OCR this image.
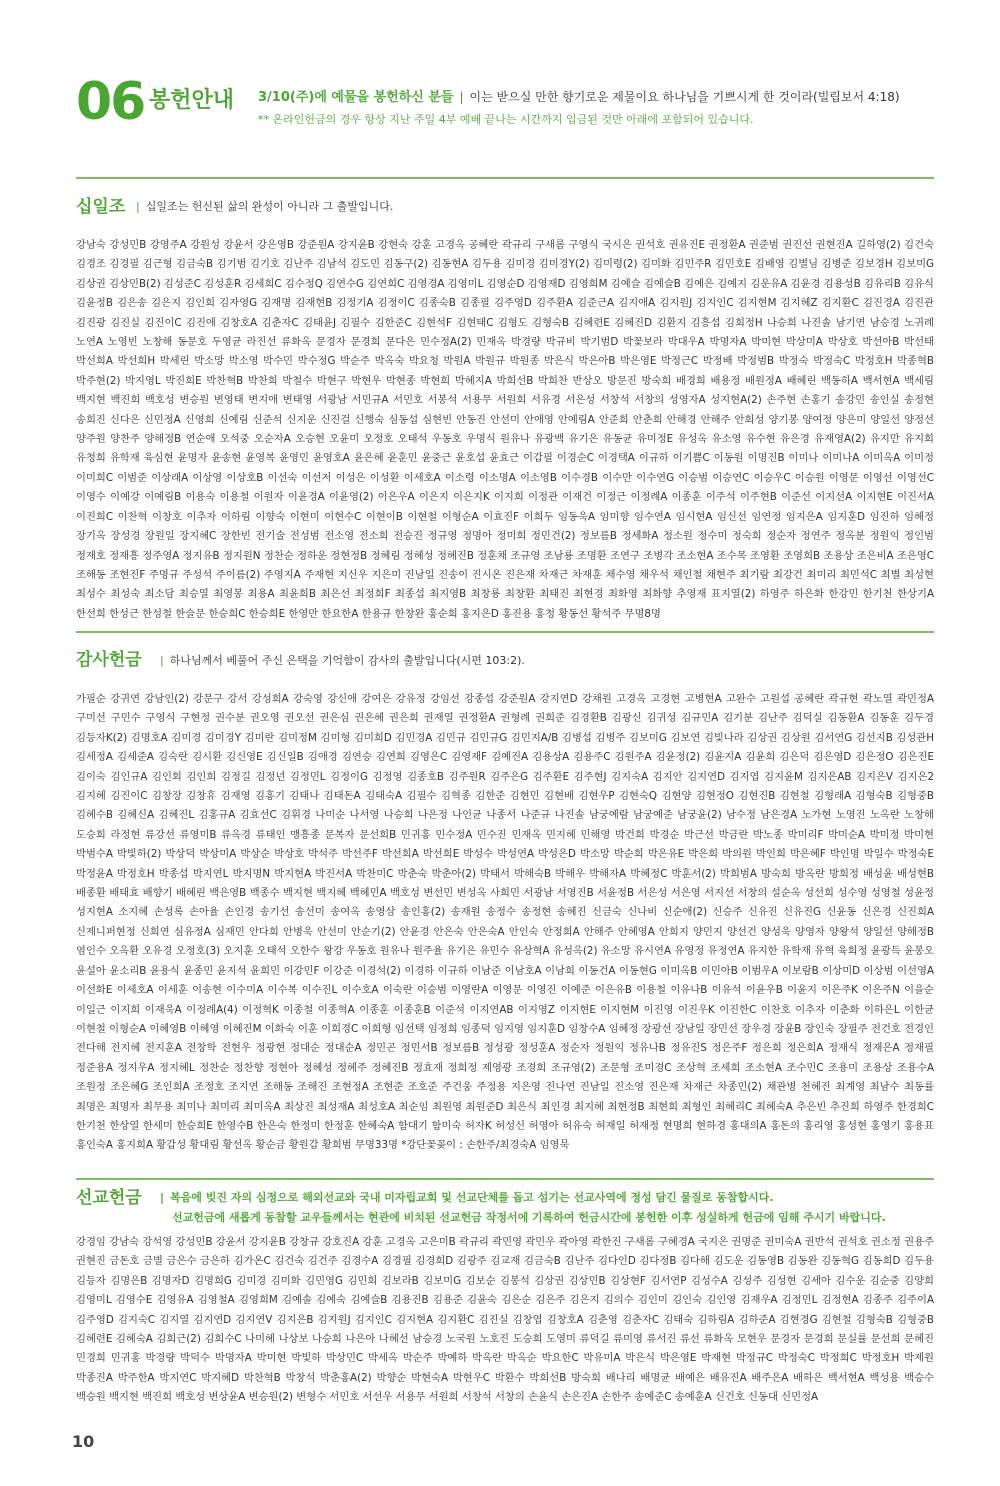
06 봉헌안내 3/10(주)에 예물을 봉헌하신 분들 | 이는 받으실 만한 향기로운 제물이요 하나님을 기쁘시게 한 것이라(빌립보서 4:18)
** 온라인헌금의 경우 항상 지난 주일 4부 예배 끝나는 시간까지 입금된 것만 아래에 포함되어 있습니다.
십일조 | 십일조는 헌신된 삶의 완성이 아니라 그 출발입니다.
강남숙 강성민B 강영주A 강원성 강윤서 강은영B 강준원A 강지윤B 강현숙 강훈 고경옥 공혜란 곽규리 구새롬 구영식 국시은 권석호 권유진E 권정환A 권준범 권진선 권현진A 길하영(2) 김건숙 김경조 김경필 김근형 김금숙B 김기범 김기호 김난주 김남석 김도민 김동구(2) 김동현A 김두용 김미경 김미경Y(2) 김미령(2) 김미화 김민주R 김민호E 김배영 김별님 김병준 김보경H 김보미G 김상권 김상민B(2) 김성준C 김성훈R 김세희C 김수정Q 김연수G 김연희C 김영경A 김영미L 김영순D 김영재D 김영희M 김예슬 김예슬B 김예은 김예지 김운유A 김윤경 김용성B 김유리B 김유식 김윤정B 김은송 김은지 김인희 김자영G 김재명 김재현B 김정기A 김정이C 김종숙B 김종필 김주영D 김주환A 김준근A 김지애A 김지원J 김지인C 김지현M 김지혜Z 김지환C 김진경A 김진관 김진광 김진실 김진이C 김진애 김창호A 김춘자C 김태윤J 김필수 김한준C 김현석F 김현태C 김형도 김형숙B 김혜련E 김혜진D 김환지 김흥섭 김희정H 나승희 나진솔 남기연 남승경 노귀례 노연A 노영빈 노창해 동문호 두영균 라진선 류화옥 문경자 문경희 문다은 민수정A(2) 민재옥 박경량 박규비 박기범D 박꽃보라 박대우A 박명자A 박미현 박상미A 박상호 박선아B 박선태 박선희A 박선희H 박세린 박소망 박소영 박수민 박수정G 박순주 박옥숙 박요청 박원A 박원규 박원종 박은식 박은아B 박은영E 박정근C 박정배 박정범B 박정숙 박정숙C 박정호H 박종혁B 박주현(2) 박지영L 박진희E 박찬혁B 박찬희 박철수 박현구 박현우 박현종 박현희 박혜지A 박희선B 박희찬 반상오 방문진 방숙희 배경희 배용정 배원정A 배혜린 백동하A 백서현A 백세림 백지현 백진희 백호성 변승원 변영태 변지애 변태영 서광남 서민규A 서민호 서봉석 서용무 서원희 서유경 서은성 서창석 서창의 성영자A 성지현A(2) 손주현 손홍기 송강민 송인실 송정현 송희진 신다은 신민정A 신영희 신예림 신준석 신지운 신진걸 신행숙 심동섭 심현빈 안동진 안선미 안애영 안예림A 안준희 안춘희 안해경 안해주 안희성 양기봉 양여정 양은미 양일선 양정선 양주원 양찬주 양해정B 연순애 오석중 오순자A 오승현 오윤미 오정호 오태석 우동호 우명식 원유나 유광백 유기은 유동균 유미정E 유성옥 유소영 유수현 유은경 유재영A(2) 유지만 유지희 유청희 유학재 육심현 윤명자 윤송현 윤영복 윤영민 윤영호A 윤은혜 윤훈민 윤중근 윤호섭 윤효근 이갑필 이경순C 이경택A 이규하 이기쁨C 이동원 이명진B 이미나 이미나A 이미옥A 이미정 이미희C 이범준 이상래A 이상영 이상호B 이선숙 이선저 이성은 이성환 이세호A 이소령 이소명A 이소영B 이수경B 이수만 이수연G 이승범 이승연C 이승우C 이승원 이영문 이영선 이영선C 이영수 이예강 이예림B 이용숙 이용철 이원자 이윤경A 이윤영(2) 이은우A 이은지 이은지K 이지희 이정관 이재건 이정근 이정례A 이종훈 이주석 이주현B 이준선 이지선A 이지현E 이진서A 이진희C 이찬혁 이창호 이추자 이하림 이향숙 이현미 이현수C 이현이B 이현철 이형순A 이효진F 이희두 임동욱A 임미향 임수연A 임시현A 임신선 임연정 임지은A 임지훈D 임진하 임혜정 장기옥 장성경 장원일 장지혜C 장한빈 전기술 전성범 전소영 전소희 전승진 정규영 정명아 정미희 정민건(2) 정보름B 정세화A 정소원 정수미 정숙희 정순자 정연주 정옥분 정원익 정인범 정재호 정재흥 정주영A 정지유B 정지원N 정찬순 정하운 정현정B 정혜림 정혜성 정혜진B 정훈채 조규영 조남룡 조명환 조연구 조병각 조소현A 조수목 조영환 조영희B 조용상 조은비A 조은영C 조해동 조현진F 주명규 주성석 주이름(2) 주영지A 주재현 지신우 지은미 진남일 진송이 진시온 진은재 차재근 차재훈 채수영 채우석 채인철 채현주 최기람 최강건 최미리 최민석C 최별 최성현 최성수 최성숙 최소담 최승열 최영봉 최용A 최윤희B 최은선 최정희F 최종섭 최지영B 최창룡 최창환 최태진 최현경 최화영 최화향 추영재 표지열(2) 하영주 하은화 한강민 한기천 한상기A 한선희 한성근 한성철 한슬문 한승희C 한승희E 한영만 한요한A 한용규 한창완 홍순희 홍지은D 홍진용 홍청 황동선 황석주 무명8명
감사헌금 | 하나님께서 베풀어 주신 은택을 기억함이 감사의 출발입니다(시편 103:2).
가필순 강귀연 강남인(2) 강문구 강서 강성희A 강숙영 강신애 강여은 강유정 강임선 강종섭 강준원A 강지연D 강채원 고경옥 고경현 고병현A 고완수 고원섭 공혜란 곽규현 곽노열 곽민정A 구미선 구민수 구영식 구현정 권수분 권오영 권오선 권은심 권은혜 권은희 권재열 권정환A 권형례 권희준 김경환B 김광신 김귀성 김규민A 김기분 김난주 김덕실 김동환A 김동훈 김두경 김등자K(2) 김명호A 김미경 김미경Y 김미란 김미정M 김미형 김미희D 김민경A 김민규 김민규G 김민지A/B 김병섭 김병주 김보미G 김보연 김빛나라 김상권 김상원 김서연G 김선지B 김성관H 김세정A 김세준A 김숙란 김시환 김신영E 김신일B 김애경 김연승 김연희 김영은C 김영재F 김예진A 김용상A 김용주C 김원주A 김윤정(2) 김윤지A 김윤희 김은덕 김은영D 김은정O 김은진E 김이숙 김인규A 김인회 김인희 김정길 김정년 김정민L 김정이G 김정영 김종호B 김주원R 김주은G 김주환E 김주현J 김지숙A 김지안 김지연D 김지엽 김지윤M 김지은AB 김지은V 김지은2 김지혜 김진이C 김창장 김창휴 김재영 김홍기 김태나 김태돈A 김태숙A 김필수 김혁종 김한준 김현민 김현배 김현우P 김현숙Q 김현양 김현정O 김현진B 김현철 김형래A 김형숙B 김형중B 김혜수B 김혜신A 김혜진L 김홍규A 김효선C 김휘경 나미순 나서영 나승희 나은정 나인균 나종서 나준규 나진솔 남궁예람 남궁예준 남궁윤(2) 남수정 남은경A 노가현 노영진 노옥란 노창해 도승희 라정현 류강선 류영미B 류옥경 류태인 맹흥종 문복자 문선희B 민귀홍 민수정A 민수진 민재옥 민지혜 민해영 박건희 박경순 박근선 박금란 박노종 박미리F 박미순A 박미정 박미현 박범수A 박빛하(2) 박상덕 박상미A 박상순 박상호 박석주 박선주F 박선희A 박선희E 박성수 박성연A 박성은D 박소망 박순희 박은유E 박은희 박의원 박인희 박은혜F 박인명 박일수 박정숙E 박정윤A 박정호H 박종섭 박지연L 박지명N 박지현A 박진서A 박찬미C 박춘숙 박춘아(2) 박태서 박해숙B 박해우 박해자A 박혜정C 박훈서(2) 박희범A 방숙희 방옥란 방희정 배성윤 배성현B 배종환 배태효 배향기 배혜린 백은영B 백종수 백지현 백지혜 백혜민A 백호성 변선민 변성옥 사희민 서광남 서영진B 서윤정B 서은성 서은영 서지선 서창의 설순옥 성선희 성수영 성영철 성윤정 성지현A 소지혜 손성록 손아율 손인경 송기선 송선미 송여옥 송영삼 송인홍(2) 송재원 송정수 송정현 송혜진 신금숙 신나비 신순애(2) 신승주 신유진 신유진G 신윤동 신은경 신진희A 신제니퍼현정 신희연 심유정A 심재민 안다희 안병욱 안선미 안순기(2) 안윤경 안은숙 안은숙A 안인숙 안정희A 안해주 안혜영A 안희지 양민지 양선건 양성욱 양영자 양왕석 양일선 양해정B 염인수 오옥환 오유경 오정호(3) 오지훈 오태석 오한수 왕강 우동호 원유나 원주율 유기은 유민수 유상혁A 유성옥(2) 유소망 유시연A 유영정 유정연A 유지한 유학재 유혁 육희정 윤광득 윤봉오 윤설아 윤소리B 윤용식 윤종민 윤지석 윤희민 이강민F 이강준 이경석(2) 이경하 이규하 이남준 이남호A 이남희 이동건A 이동현G 이미옥B 이민아B 이범우A 이보람B 이상미D 이상범 이선영A 이선화E 이세호A 이세훈 이송현 이수미A 이수복 이수진L 이수호A 이숙란 이승범 이영란A 이영문 이영진 이예준 이은유B 이용철 이유나B 이유석 이윤우B 이윤지 이은주K 이은주N 이을순 이일근 이지희 이재욱A 이정례A(4) 이정혁K 이종철 이종혁A 이종훈 이종훈B 이준석 이지연AB 이지영Z 이지현E 이지현M 이진영 이진우K 이진한C 이찬호 이추자 이춘화 이하은L 이한균 이현철 이형순A 이혜영B 이혜영 이혜진M 이화숙 이훈 이희경C 이희형 임선택 임정희 임종덕 임지영 임지훈D 임창수A 임혜정 장광선 장남일 장민선 장우경 장윤B 장인숙 장필주 전건호 전경인 전다해 전지혜 전지훈A 전창학 전현우 정광현 정대순 정대순A 정민곤 정민서B 정보름B 정성광 정성훈A 정순자 정원익 정유나B 정유진S 정은주F 정은희 정은희A 정재식 정재은A 정재필 정준용A 정지우A 정지혜L 정찬순 정찬향 정현아 정혜성 정혜주 정혜진B 정효재 정희정 제영광 조경희 조규영(2) 조문형 조미경C 조상혁 조세희 조소현A 조수민C 조용미 조용상 조용수A 조원정 조은혜G 조인희A 조정호 조지연 조해동 조해진 조현정A 조현준 조호준 주건웅 주정용 지은영 진나연 진남일 진소영 진은재 차재근 차종민(2) 채관병 천혜진 최계영 최남수 최동률 최명은 최명자 최무용 최미나 최미리 최미옥A 최상진 최성재A 최성호A 최순임 최원영 최원준D 최은식 최인경 최지혜 최현정B 최현희 최형인 최혜리C 최혜숙A 추은빈 추진희 하영주 한경희C 한기천 한상열 한세미 한승희E 한영수B 한은숙 한정미 한정훈 한혜숙A 함대기 함미숙 허자K 허성신 허영아 허유숙 허재일 허재정 현명희 현하경 홍대의A 홍돈의 홍리영 홍성현 홍영기 홍용표 홍인숙A 홍지희A 황갑성 황대림 황선옥 황순금 황원갑 황희범 무명33명 *강단꽃꽂이 : 손한주/최경숙A 임영묵
선교헌금 | 복음에 빚진 자의 심정으로 해외선교와 국내 미자립교회 및 선교단체를 돕고 섬기는 선교사역에 정성 담긴 물질로 동참합시다.
선교헌금에 새롭게 동참할 교우들께서는 현관에 비치된 선교헌금 작정서에 기록하여 헌금시간에 봉헌한 이후 성실하게 헌금에 임해 주시기 바랍니다.
강경임 강남숙 강석영 강성민B 강윤서 강지윤B 강창규 강호진A 강훈 고경옥 고은미B 곽규리 곽민영 곽민우 곽아영 곽한진 구새롬 구혜경A 국지은 권명준 권미숙A 권반석 권석호 권소정 권용주 권현진 금돈호 금별 금은수 금은하 김가온C 김건숙 김건주 김경수A 김경필 김경희D 김광주 김교재 김금숙B 김난주 김다인D 김다정B 김다해 김도운 김동영B 김동완 김동혁G 김동희D 김두용 김등자 김명은B 김명자D 김명희G 김미경 김미화 김민영G 김민희 김보라B 김보미G 김보순 김봉석 김상권 김상민B 김상현F 김서연P 김성수A 김성주 김성현 김세아 김수운 김순중 김양희 김영미L 김영수E 김영유A 김영철A 김영희M 김예솔 김예숙 김예슬B 김용진B 김용준 김윤숙 김은순 김은주 김은지 김의수 김인미 김인숙 김인영 김재우A 김정민L 김정현A 김종주 김주이A 김주영D 김지숙C 김지열 김지연D 김지연V 김지은B 김지원J 김지인C 김지현A 김지환C 김진실 김창엽 김창호A 김춘영 김춘자C 김태숙 김하림A 김하준A 김현경G 김현철 김형숙B 김형중B 김혜련E 김혜숙A 김희근(2) 김희수C 나미혜 나상보 나승희 나은아 나혜선 남승경 노국원 노호진 도승희 도영미 류덕길 류미영 류서진 류선 류화옥 모현우 문경자 문경희 문실률 문선희 문혜진 민경희 민귀홍 박경량 박덕수 박명자A 박미현 박빛하 박상민C 박세옥 박순주 박예하 박옥란 박옥순 박요한C 박유미A 박은식 박은영E 박재현 박정규C 박정숙C 박정희C 박정호H 박제원 박종진A 박주한A 박지연C 박지혜D 박찬혁B 박창석 박춘홍A(2) 박향순 박현숙A 박현우C 박환수 박희선B 방숙희 배나리 배명균 배예은 배유진A 배주은A 배하은 백서현A 백성용 백승수 백승원 백지현 백진희 백호성 변상윤A 변승원(2) 변형수 서민호 서선우 서용무 서원희 서창석 서창의 손윤식 손은진A 손한주 송예준C 송예훈A 신건호 신동대 신민정A
10
